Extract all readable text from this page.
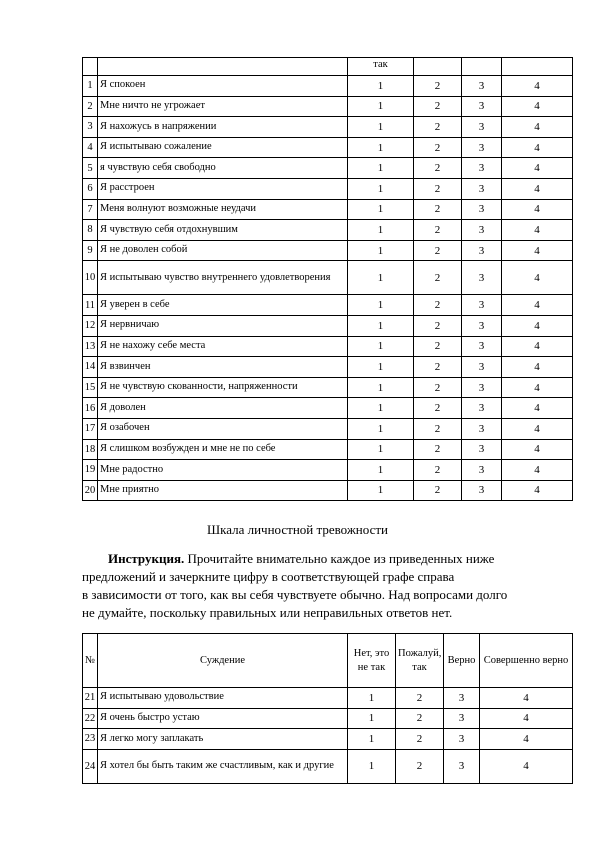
		так			
1	Я спокоен	1	2	3	4
2	Мне ничто не угрожает	1	2	3	4
3	Я нахожусь в напряжении	1	2	3	4
4	Я испытываю сожаление	1	2	3	4
5	я чувствую себя свободно	1	2	3	4
6	Я расстроен	1	2	3	4
7	Меня волнуют возможные неудачи	1	2	3	4
8	Я чувствую себя отдохнувшим	1	2	3	4
9	Я не доволен собой	1	2	3	4
10	Я испытываю чувство внутреннего удовлетворения	1	2	3	4
11	Я уверен в себе	1	2	3	4
12	Я нервничаю	1	2	3	4
13	Я не нахожу себе места	1	2	3	4
14	Я взвинчен	1	2	3	4
15	Я не чувствую скованности, напряженности	1	2	3	4
16	Я доволен	1	2	3	4
17	Я озабочен	1	2	3	4
18	Я слишком возбужден и мне не по себе	1	2	3	4
19	Мне радостно	1	2	3	4
20	Мне приятно	1	2	3	4
Шкала личностной тревожности

Инструкция. Прочитайте внимательно каждое из приведенных ниже
предложений и зачеркните цифру в соответствующей графе справа
в зависимости от того, как вы себя чувствуете обычно. Над вопросами долго
не думайте, поскольку правильных или неправильных ответов нет.

№	Суждение	Нет, это не так	Пожалуй, так	Верно	Совершенно верно
21	Я испытываю удовольствие	1	2	3	4
22	Я очень быстро устаю	1	2	3	4
23	Я легко могу заплакать	1	2	3	4
24	Я хотел бы быть таким же счастливым, как и другие	1	2	3	4
